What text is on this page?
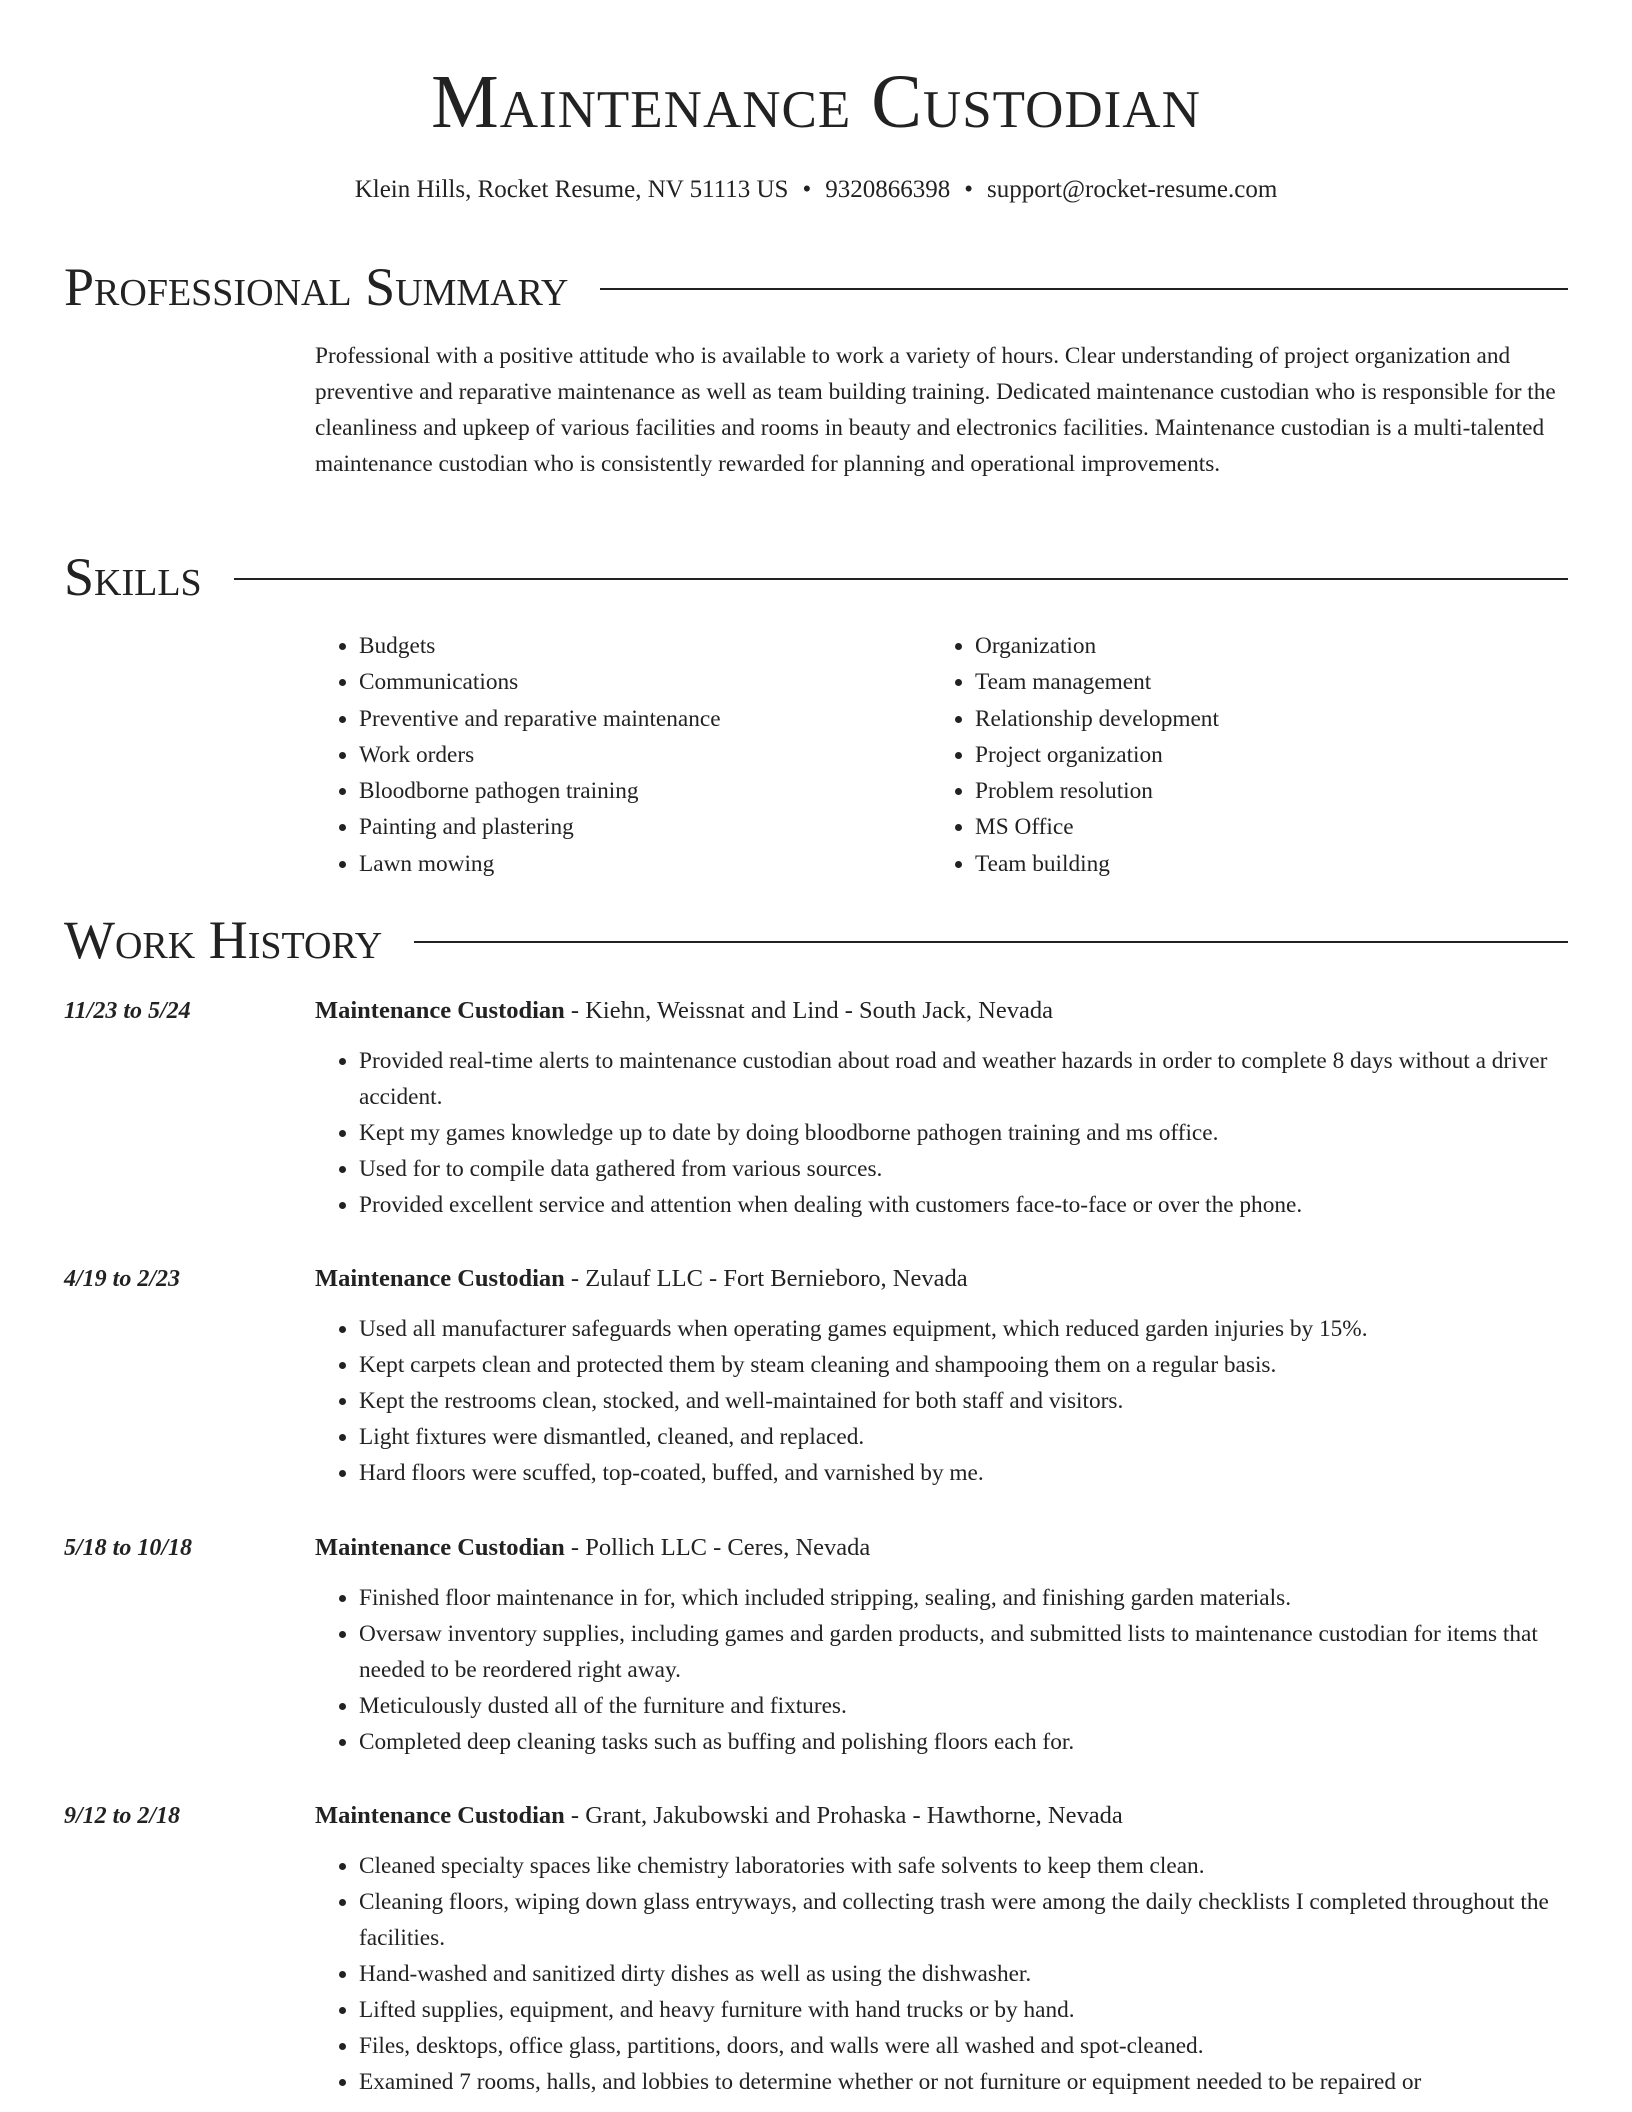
Maintenance Custodian
Klein Hills, Rocket Resume, NV 51113 US • 9320866398 • support@rocket-resume.com
Professional Summary

Professional with a positive attitude who is available to work a variety of hours. Clear understanding of project organization and preventive and reparative maintenance as well as team building training. Dedicated maintenance custodian who is responsible for the cleanliness and upkeep of various facilities and rooms in beauty and electronics facilities. Maintenance custodian is a multi-talented maintenance custodian who is consistently rewarded for planning and operational improvements.

Skills
• Budgets
• Communications
• Preventive and reparative maintenance
• Work orders
• Bloodborne pathogen training
• Painting and plastering
• Lawn mowing
• Organization
• Team management
• Relationship development
• Project organization
• Problem resolution
• MS Office
• Team building
Work History
11/23 to 5/24	Maintenance Custodian - Kiehn, Weissnat and Lind - South Jack, Nevada
• Provided real-time alerts to maintenance custodian about road and weather hazards in order to complete 8 days without a driver accident.
• Kept my games knowledge up to date by doing bloodborne pathogen training and ms office.
• Used for to compile data gathered from various sources.
• Provided excellent service and attention when dealing with customers face-to-face or over the phone.
4/19 to 2/23	Maintenance Custodian - Zulauf LLC - Fort Bernieboro, Nevada
• Used all manufacturer safeguards when operating games equipment, which reduced garden injuries by 15%.
• Kept carpets clean and protected them by steam cleaning and shampooing them on a regular basis.
• Kept the restrooms clean, stocked, and well-maintained for both staff and visitors.
• Light fixtures were dismantled, cleaned, and replaced.
• Hard floors were scuffed, top-coated, buffed, and varnished by me.
5/18 to 10/18	Maintenance Custodian - Pollich LLC - Ceres, Nevada
• Finished floor maintenance in for, which included stripping, sealing, and finishing garden materials.
• Oversaw inventory supplies, including games and garden products, and submitted lists to maintenance custodian for items that needed to be reordered right away.
• Meticulously dusted all of the furniture and fixtures.
• Completed deep cleaning tasks such as buffing and polishing floors each for.
9/12 to 2/18	Maintenance Custodian - Grant, Jakubowski and Prohaska - Hawthorne, Nevada
• Cleaned specialty spaces like chemistry laboratories with safe solvents to keep them clean.
• Cleaning floors, wiping down glass entryways, and collecting trash were among the daily checklists I completed throughout the facilities.
• Hand-washed and sanitized dirty dishes as well as using the dishwasher.
• Lifted supplies, equipment, and heavy furniture with hand trucks or by hand.
• Files, desktops, office glass, partitions, doors, and walls were all washed and spot-cleaned.
• Examined 7 rooms, halls, and lobbies to determine whether or not furniture or equipment needed to be repaired or
